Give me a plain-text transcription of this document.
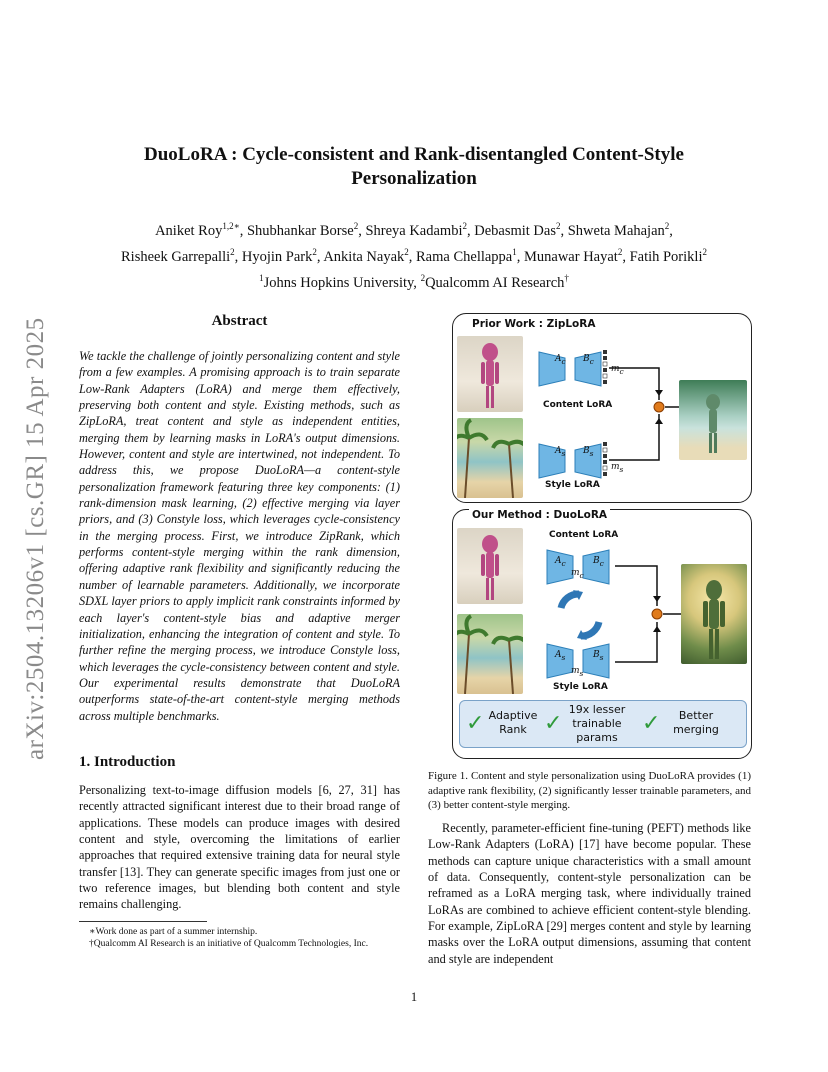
arXiv:2504.13206v1 [cs.GR] 15 Apr 2025
DuoLoRA : Cycle-consistent and Rank-disentangled Content-Style
Personalization
Aniket Roy$^{1,2∗}$, Shubhankar Borse$^2$, Shreya Kadambi$^2$, Debasmit Das$^2$, Shweta Mahajan$^2$,
Risheek Garrepalli$^2$, Hyojin Park$^2$, Ankita Nayak$^2$, Rama Chellappa$^1$, Munawar Hayat$^2$, Fatih Porikli$^2$
$^1$Johns Hopkins University, $^2$Qualcomm AI Research†
Abstract
We tackle the challenge of jointly personalizing content and style from a few examples. A promising approach is to train separate Low-Rank Adapters (LoRA) and merge them effectively, preserving both content and style. Existing methods, such as ZipLoRA, treat content and style as independent entities, merging them by learning masks in LoRA's output dimensions. However, content and style are intertwined, not independent. To address this, we propose DuoLoRA—a content-style personalization framework featuring three key components: (1) rank-dimension mask learning, (2) effective merging via layer priors, and (3) Constyle loss, which leverages cycle-consistency in the merging process. First, we introduce ZipRank, which performs content-style merging within the rank dimension, offering adaptive rank flexibility and significantly reducing the number of learnable parameters. Additionally, we incorporate SDXL layer priors to apply implicit rank constraints informed by each layer's content-style bias and adaptive merger initialization, enhancing the integration of content and style. To further refine the merging process, we introduce Constyle loss, which leverages the cycle-consistency between content and style. Our experimental results demonstrate that DuoLoRA outperforms state-of-the-art content-style merging methods across multiple benchmarks.
1. Introduction
Personalizing text-to-image diffusion models [6, 27, 31] has recently attracted significant interest due to their broad range of applications. These models can produce images with desired content and style, overcoming the limitations of earlier approaches that required extensive training data for neural style transfer [13]. They can generate specific images from just one or two reference images, but blending both content and style remains challenging.

∗Work done as part of a summer internship.

†Qualcomm AI Research is an initiative of Qualcomm Technologies, Inc.

Prior Work : ZipLoRA
$A_c$ $B_c$
$m_c$
Content LoRA
$A_s$ $B_s$
$m_s$
Style LoRA
Our Method : DuoLoRA
Content LoRA
$A_c$	$B_c$
$m_c$
$A_s$	$B_s$
$m_s$
Style LoRA
✓ Adaptive
Rank ✓
19x lesser
trainable
params
✓	Better
merging
Figure 1. Content and style personalization using DuoLoRA provides (1) adaptive rank flexibility, (2) significantly lesser trainable parameters, and (3) better content-style merging.
Recently, parameter-efficient fine-tuning (PEFT) methods like Low-Rank Adapters (LoRA) [17] have become popular. These methods can capture unique characteristics with a small amount of data. Consequently, content-style personalization can be reframed as a LoRA merging task, where individually trained LoRAs are combined to achieve efficient content-style blending. For example, ZipLoRA [29] merges content and style by learning masks over the LoRA output dimensions, assuming that content and style are independent
1
